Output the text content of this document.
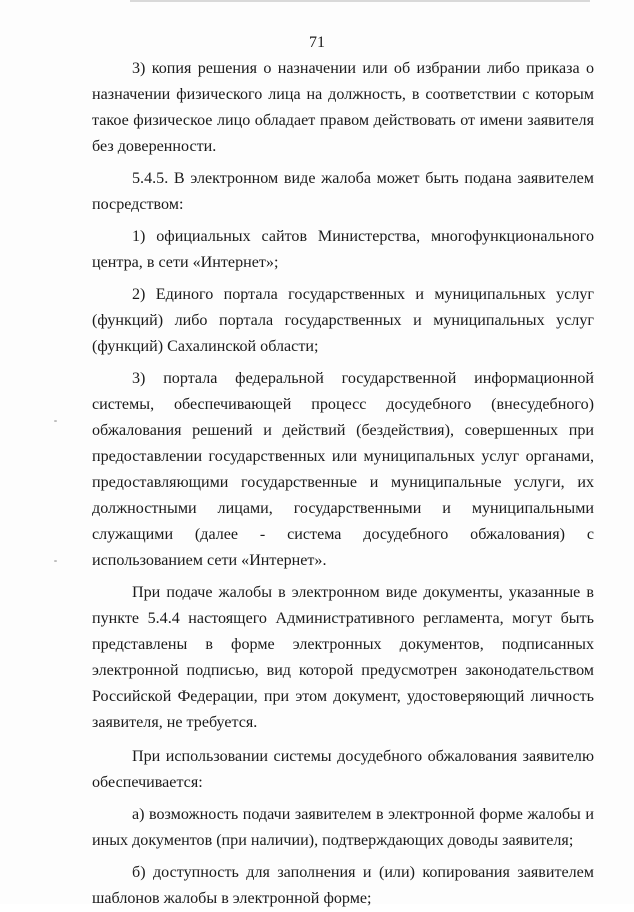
71

3) копия решения о назначении или об избрании либо приказа о назначении физического лица на должность, в соответствии с которым такое физическое лицо обладает правом действовать от имени заявителя без доверенности.

5.4.5. В электронном виде жалоба может быть подана заявителем посредством:

1) официальных сайтов Министерства, многофункционального центра, в сети «Интернет»;

2) Единого портала государственных и муниципальных услуг (функций) либо портала государственных и муниципальных услуг (функций) Сахалинской области;

3) портала федеральной государственной информационной системы, обеспечивающей процесс досудебного (внесудебного) обжалования решений и действий (бездействия), совершенных при предоставлении государственных или муниципальных услуг органами, предоставляющими государственные и муниципальные услуги, их должностными лицами, государственными и муниципальными служащими (далее - система досудебного обжалования) с использованием сети «Интернет».

При подаче жалобы в электронном виде документы, указанные в пункте 5.4.4 настоящего Административного регламента, могут быть представлены в форме электронных документов, подписанных электронной подписью, вид которой предусмотрен законодательством Российской Федерации, при этом документ, удостоверяющий личность заявителя, не требуется.

При использовании системы досудебного обжалования заявителю обеспечивается:

а) возможность подачи заявителем в электронной форме жалобы и иных документов (при наличии), подтверждающих доводы заявителя;

б) доступность для заполнения и (или) копирования заявителем шаблонов жалобы в электронной форме;
